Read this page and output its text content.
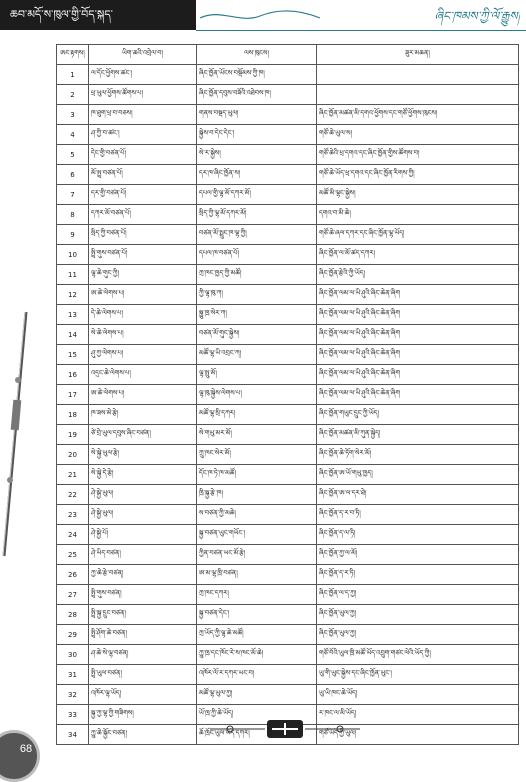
ཆབ་མདོ་ས་ཁུལ་གྱི་བོད་སྐད་	ཞིང་ཁམས་ཀྱི་ལོ་རྒྱུས།
ཨང་རྟགས།	ཡིག་ཆའི་འབྲེལ་བ།	ལས་ཁུངས།	ཟུར་མཆན།
1	ལ་དོང་ཕྱོགས་ཚང་།	ཞིང་ཁྱོན་ཡོངས་བསྡོམས་ཀྱི་ཁ།	
2	ཕྲ་ཡུལ་ཕྱོགས་ཚོགས་པ།	ཞིང་ཁྱོན་དབུས་བཟོའི་འཐེབས་ཁ།	
3	ཁ་ཐུག་ཕྲ་བ་བཅས།	གནས་བསྡད་ཡུལ།	ཞིང་ཁྱོན་མཚན་མི་དགའ་ཕྱོགས་དང་གཙོ་ཕྱོགས་ཁུངས།
4	ཤ་ཀྱི་བ་ཚང་།	སྐྱེས་བ་དེང་དེང་།	གཙོ་ཆེ་ཡུལ་ས།
5	དེང་གྱི་བཙན་པོ།	སེ་ར་སྐྱེས།	གཙོ་ཆེའི་ཕྲ་དགའ་དང་ཞིང་ཁྱོན་གྱིས་ཚོགས་བ།
6	མོ་སྤྲ་བཙན་པོ།	དར་ཁ་ཞིང་ཁྱོན་ས།	གཙོ་ཆེ་ཡོད་ཕྲ་དགའ་དང་ཞིང་ཁྱོན་རིགས་ཀྱི།
7	དར་གྱི་བཙན་པོ།	དཔལ་གྱི་ལྷ་མོ་དཀར་མོ།	མཚོ་མི་ལྷང་སྐྱེས།
8	དཀར་མོ་བཙན་པོ།	སྲིད་ཀྱི་ལྷ་མོ་དཀར་མོ།	དགའ་བ་མི་ཆེ།
9	སྲིད་ཀྱི་བཙན་པོ།	བཙན་མོ་སྤྲུང་ཁ་ལྷ་ཀྱི།	གཙོ་ཆེ་ཞལ་དཀར་དང་ཞིང་ཁྱོན་ལྷ་ཡོད།
10	སྤྲི་གུས་བཙན་པོ།	དཔལ་ཁ་བཙན་པོ།	ཞིང་ཁྱོན་ལ་མོ་ཚད་དཀར།
11	ལྷ་ཆེ་གུང་ཀྱི།	ཀྲ་ཁང་ཁྱད་ཀྱི་མཚོ།	ཞིང་ཁྱོན་རྩེའི་ཀྱི་ཡོད།
12	ཨ་ཆེ་ལེགས་པ།	ཀྱི་ལྷ་ཁུ་ཀ།	ཞིང་ཁྱོན་ལམ་ལ་ཡི་ཤུའི་ཞིང་ཆེན་ཞིག
13	དེ་ཆེ་ལེགས་པ།	སྐྱུ་ཁྲ་སེར་ཀ།	ཞིང་ཁྱོན་ལམ་ལ་ཡི་ཤུའི་ཞིང་ཆེན་ཞིག
14	སེ་ཆེ་ལེགས་པ།	བཙན་མོ་གུང་སྐྱེས།	ཞིང་ཁྱོན་ལམ་ལ་ཡི་ཤུའི་ཞིང་ཆེན་ཞིག
15	ཤུ་ཀྱ་ལེགས་པ།	མཚོ་ལྷ་ཡི་འབྲང་ཀ།	ཞིང་ཁྱོན་ལམ་ལ་ཡི་ཤུའི་ཞིང་ཆེན་ཞིག
16	འདྲང་ཆེ་ལེགས་པ།	ལྷ་སྤུ་མོ།	ཞིང་ཁྱོན་ལམ་ལ་ཡི་ཤུའི་ཞིང་ཆེན་ཞིག
17	ཨ་ཆེ་ལེགས་པ།	ལྷ་ཁུ་སྐྱེས་ལེགས་པ།	ཞིང་ཁྱོན་ལམ་ལ་ཡི་ཤུའི་ཞིང་ཆེན་ཞིག
18	ཁ་ཟས་མེ་རྩེ།	མཚོ་ལྷ་སྲི་དཀར།	ཞིང་ཁྱོན་གཡུང་དྲུང་ཀྱི་ཡོད།
19	ཙེ་བྲེ་ཡུལ་དབུས་ཞིང་བཙན།	སེ་གཡུ་མར་མོ།	ཞིང་ཁྱོན་མཚན་མི་ཀུན་སྐྱེད།
20	སེ་སྐྱེ་ཡུལ་རྩེ།	ཀྲུ་ཁང་སེར་མོ།	ཞིང་ཁྱོན་ཆེ་ཏོག་སེར་མོ།
21	སེ་སྐྱེ་དེ་རྩེ།	དོང་ཁ་ཏེ་ཁ་མཚོ།	ཞིང་ཁྱོན་ཨ་ཡོ་གཡུ་ཁྱད།
22	ཤེ་སྐྱེ་ཡུལ།	ཁྲི་སྐྱ་རྩེ་ཁ།	ཞིང་ཁྱོན་ཨ་ལ་དར་ཐེ།
23	ཤེ་སྐྱེ་ཡུལ།	ས་བཙན་ཀྱི་མཆེ།	ཞིང་ཁྱོན་ད་ར་བ་ཏི།
24	ཤེ་སྐྱེ་པོ།	སྐྱ་བཙན་ཡུང་གཡོང་།	ཞིང་ཁྱོན་ད་ལ་ཏི།
25	ཤེ་ཡིད་བཙན།	ཀྱིན་བཙན་ཡང་མོ་རྩེ།	ཞིང་ཁྱོན་ཀྱ་ལ་མོ།
26	ཀྱ་ཆེ་རྩེ་བཙན།	ཨ་མ་ལྷ་ཁྲི་བཙན།	ཞིང་ཁྱོན་ད་ར་ཏི།
27	སྤྲི་གུས་བཙན།	ཀྲ་ཁང་དཀར།	ཞིང་ཁྱོན་ལ་ད་ཀྱ།
28	སྤྲི་སྐྱ་དྲུང་བཙན།	སྐྱ་བཙན་དེང་།	ཞིང་ཁྱོན་ཡུལ་ཀྱ།
29	སྤྲི་ཤོག་ཆེ་བཙན།	ཀྲ་ཡོད་ཀྱི་ལྷ་ཆེ་མཚོ།	ཞིང་ཁྱོན་ཡུལ་ཀྱ།
30	ཤ་ཆེ་སེ་ལྷ་བཙན།	ཀྱུ་ཁྲ་དང་ཁོང་རེ་ས་ཁང་མོ་ཆེ།	གཙོ་བོའི་ཡུལ་ཁྲི་མཚོ་ཡོད་འབྲུག་གཙང་ལེའི་ཡོད་ཀྱི།
31	སྤྲི་ཡུལ་བཙན།	འཁོར་ལོ་ར་དཀར་ཡང་བ།	ཡུ་གི་ཡུང་སྐྱེས་དང་ཞིང་ཁྱོན་ཡུང་།
32	འཁོར་ལྷ་ཡོད།	མཚོ་ལྷ་ཡུལ་ཀྱ།	ཡུ་ཡི་ཁང་ཆེ་ཡོད།
33	སྐྱ་ཀྱ་ལྷ་ཀྱི་གཟིགས།	ཡོ་ཁྲ་ཀྱི་ཆེ་ཡོད།	ར་ཁང་ལ་མི་ཡོད།
34	ཀྱུ་ཆེ་སྐྱོང་བཙན།	ཆོ་ཁྲོང་ཡུལ་ཡོད་དཀར།	གཙོ་ཡོད་ཀྱི་ཡུལ།
68
